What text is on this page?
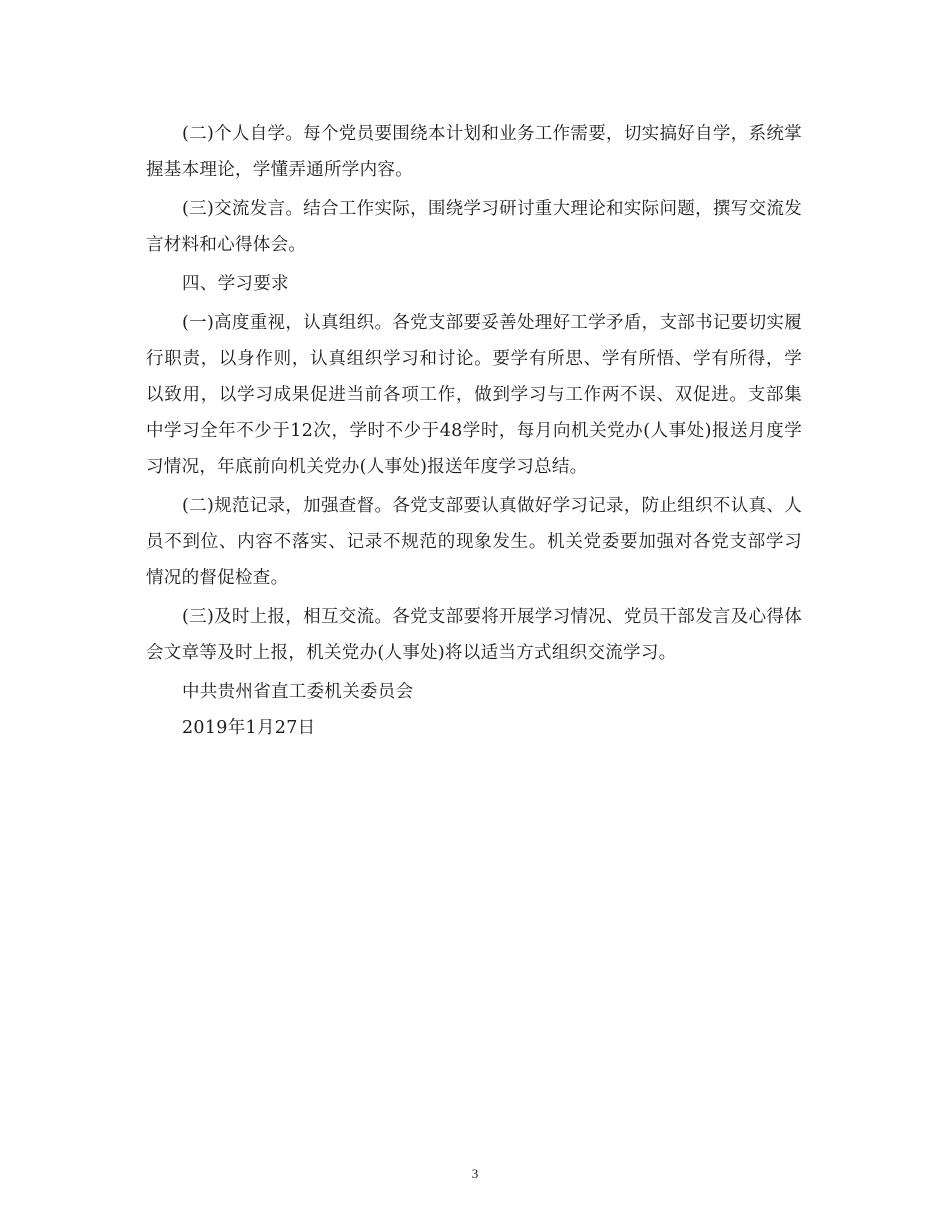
(二)个人自学。每个党员要围绕本计划和业务工作需要，切实搞好自学，系统掌握基本理论，学懂弄通所学内容。

(三)交流发言。结合工作实际，围绕学习研讨重大理论和实际问题，撰写交流发言材料和心得体会。

四、学习要求

(一)高度重视，认真组织。各党支部要妥善处理好工学矛盾，支部书记要切实履行职责，以身作则，认真组织学习和讨论。要学有所思、学有所悟、学有所得，学以致用，以学习成果促进当前各项工作，做到学习与工作两不误、双促进。支部集中学习全年不少于12次，学时不少于48学时，每月向机关党办(人事处)报送月度学习情况，年底前向机关党办(人事处)报送年度学习总结。

(二)规范记录，加强查督。各党支部要认真做好学习记录，防止组织不认真、人员不到位、内容不落实、记录不规范的现象发生。机关党委要加强对各党支部学习情况的督促检查。

(三)及时上报，相互交流。各党支部要将开展学习情况、党员干部发言及心得体会文章等及时上报，机关党办(人事处)将以适当方式组织交流学习。

中共贵州省直工委机关委员会

2019年1月27日

3
